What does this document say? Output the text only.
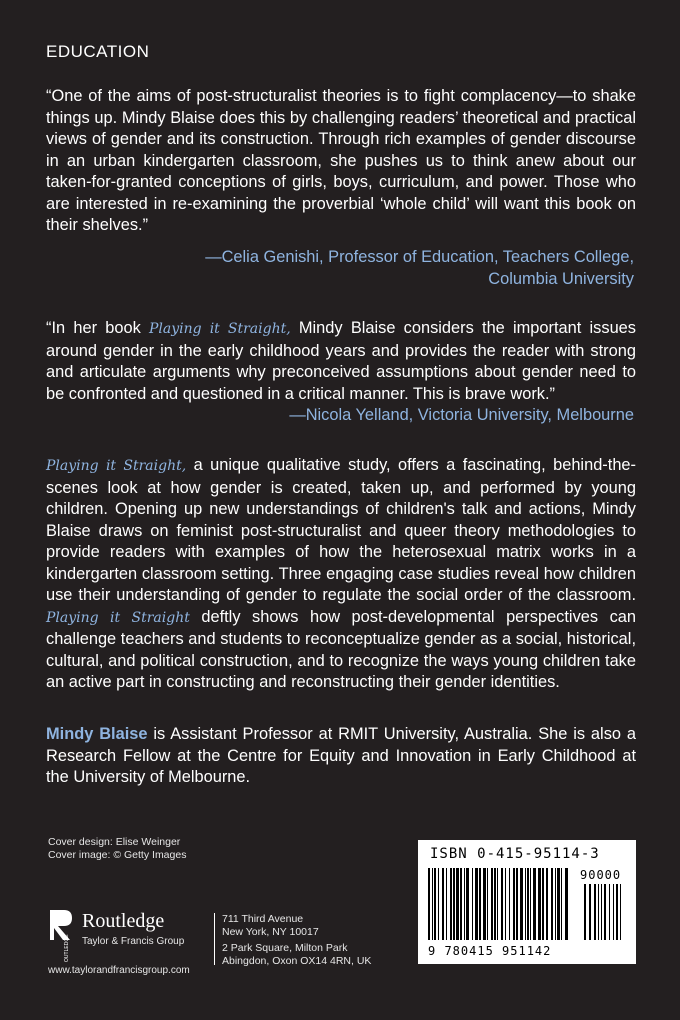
EDUCATION

“One of the aims of post-structuralist theories is to fight complacency—to shake things up. Mindy Blaise does this by challenging readers’ theoretical and practical views of gender and its construction. Through rich examples of gender discourse in an urban kindergarten classroom, she pushes us to think anew about our taken-for-granted conceptions of girls, boys, curriculum, and power. Those who are interested in re-examining the proverbial ‘whole child’ will want this book on their shelves.”

—Celia Genishi, Professor of Education, Teachers College,
Columbia University

“In her book Playing it Straight, Mindy Blaise considers the important issues around gender in the early childhood years and provides the reader with strong and articulate arguments why preconceived assumptions about gender need to be confronted and questioned in a critical manner. This is brave work.”

—Nicola Yelland, Victoria University, Melbourne

Playing it Straight, a unique qualitative study, offers a fascinating, behind-the-scenes look at how gender is created, taken up, and performed by young children. Opening up new understandings of children's talk and actions, Mindy Blaise draws on feminist post-structuralist and queer theory methodologies to provide readers with examples of how the heterosexual matrix works in a kindergarten classroom setting. Three engaging case studies reveal how children use their understanding of gender to regulate the social order of the classroom. Playing it Straight deftly shows how post-developmental perspectives can challenge teachers and students to reconceptualize gender as a social, historical, cultural, and political construction, and to recognize the ways young children take an active part in constructing and reconstructing their gender identities.

Mindy Blaise is Assistant Professor at RMIT University, Australia. She is also a Research Fellow at the Centre for Equity and Innovation in Early Childhood at the University of Melbourne.

Cover design: Elise Weinger
Cover image: © Getty Images
ROUTLEDGE
Routledge
Taylor & Francis Group
711 Third Avenue
New York, NY 10017
2 Park Square, Milton Park
Abingdon, Oxon OX14 4RN, UK
www.taylorandfrancisgroup.com
ISBN 0-415-95114-3
90000
9 780415 951142
